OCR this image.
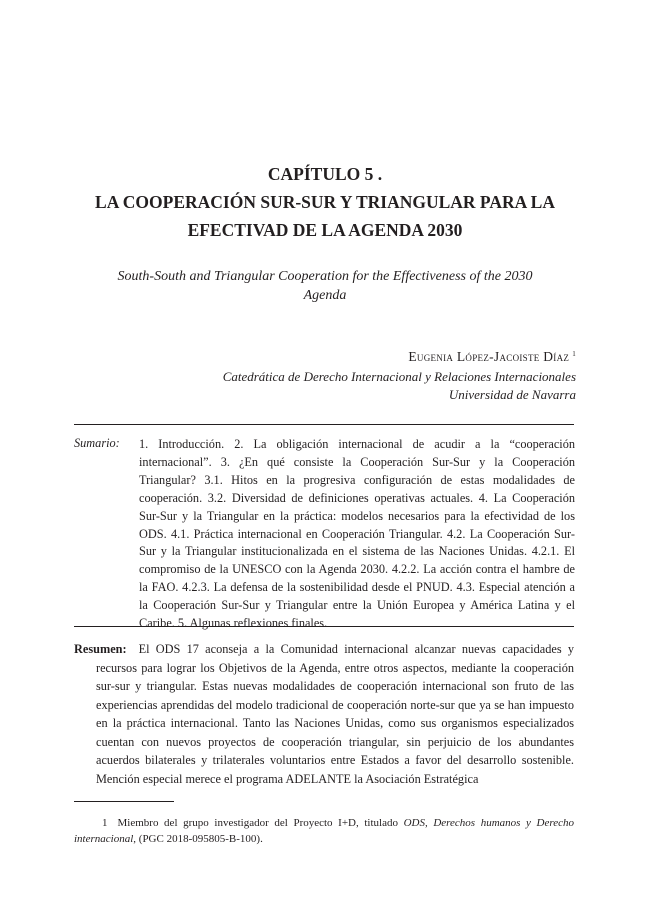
CAPÍTULO 5 .
LA COOPERACIÓN SUR-SUR Y TRIANGULAR PARA LA
EFECTIVAD DE LA AGENDA 2030
South-South and Triangular Cooperation for the Effectiveness of the 2030
Agenda
Eugenia López-Jacoiste Díaz $^1$
Catedrática de Derecho Internacional y Relaciones Internacionales
Universidad de Navarra
Sumario: 1. Introducción. 2. La obligación internacional de acudir a la “cooperación internacional”. 3. ¿En qué consiste la Cooperación Sur-Sur y la Cooperación Triangular? 3.1. Hitos en la progresiva configuración de estas modalidades de cooperación. 3.2. Diversidad de definiciones operativas actuales. 4. La Cooperación Sur-Sur y la Triangular en la práctica: modelos necesarios para la efectividad de los ODS. 4.1. Práctica internacional en Cooperación Triangular. 4.2. La Cooperación Sur-Sur y la Triangular institucionalizada en el sistema de las Naciones Unidas. 4.2.1. El compromiso de la UNESCO con la Agenda 2030. 4.2.2. La acción contra el hambre de la FAO. 4.2.3. La defensa de la sostenibilidad desde el PNUD. 4.3. Especial atención a la Cooperación Sur-Sur y Triangular entre la Unión Europea y América Latina y el Caribe. 5. Algunas reflexiones finales.
Resumen: El ODS 17 aconseja a la Comunidad internacional alcanzar nuevas capacidades y recursos para lograr los Objetivos de la Agenda, entre otros aspectos, mediante la cooperación sur-sur y triangular. Estas nuevas modalidades de cooperación internacional son fruto de las experiencias aprendidas del modelo tradicional de cooperación norte-sur que ya se han impuesto en la práctica internacional. Tanto las Naciones Unidas, como sus organismos especializados cuentan con nuevos proyectos de cooperación triangular, sin perjuicio de los abundantes acuerdos bilaterales y trilaterales voluntarios entre Estados a favor del desarrollo sostenible. Mención especial merece el programa ADELANTE la Asociación Estratégica
1 Miembro del grupo investigador del Proyecto I+D, titulado ODS, Derechos humanos y Derecho internacional, (PGC 2018-095805-B-100).
